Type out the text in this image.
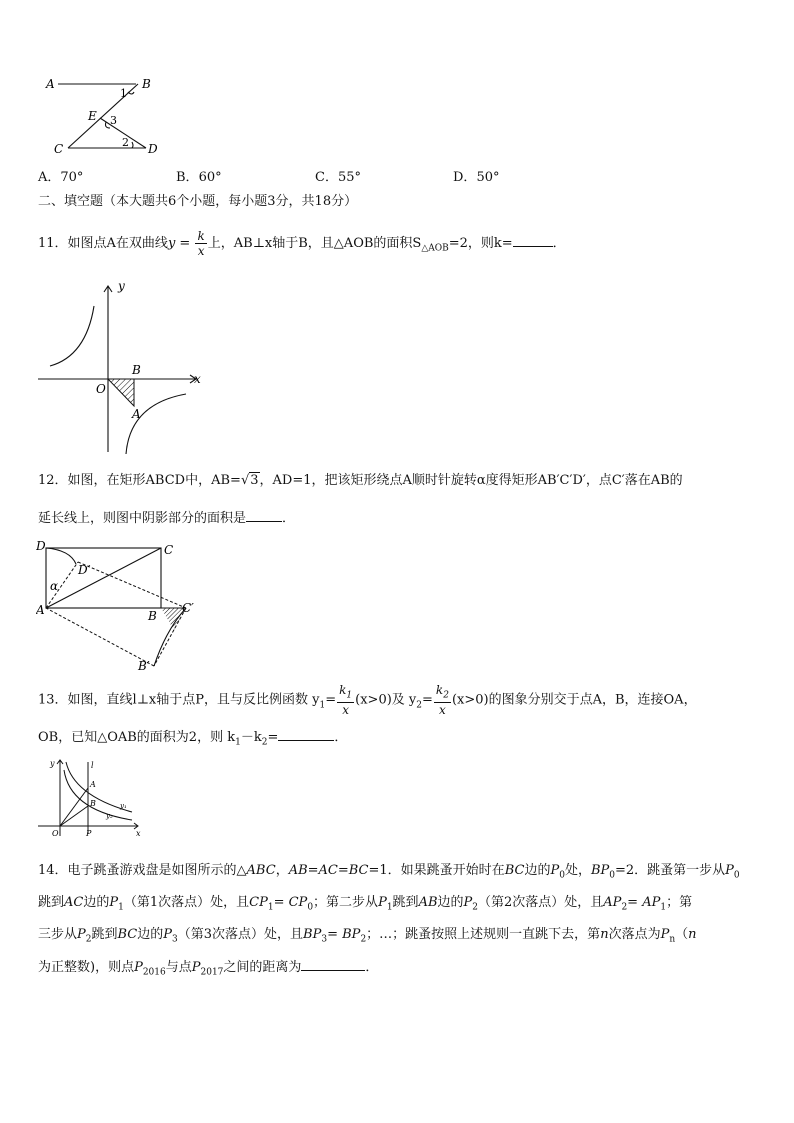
A	B
1
E 3
C	2 D
A．70°	B．60°	C．55°	D．50°
二、填空题（本大题共6个小题，每小题3分，共18分）
11．如图点A在双曲线$y = \frac{k}{x}$ 上，AB⊥x轴于B，且△AOB的面积$S_{\triangle AOB}=2$，则k=	．
y
x
O
B
A
12．如图，在矩形ABCD中，AB=√3，AD=1，把该矩形绕点A顺时针旋转α度得矩形AB′C′D′，点C′落在AB的
延长线上，则图中阴影部分的面积是	．
D	C
D′
α
A	B
C′
B′
13．如图，直线l⊥x轴于点P，且与反比例函数 $y_1= \frac{k_1}{x} (x>0)$及 $y_2= \frac{k_2}{x} (x>0)$的图象分别交于点A，B，连接OA，
OB，已知△OAB的面积为2，则 $k_1-k_2=$	．
y	l
A
B	y₁
y₂
O	P	x
14．电子跳蚤游戏盘是如图所示的△ABC，AB=AC=BC=1．如果跳蚤开始时在BC边的$P_0$处，$BP_0=2$．跳蚤第一步从$P_0$
跳到AC边的$P_1$（第1次落点）处，且$CP_1= CP_0$；第二步从$P_1$跳到AB边的$P_2$（第2次落点）处，且$AP_2= AP_1$；第
三步从$P_2$跳到BC边的$P_3$（第3次落点）处，且$BP_3= BP_2$；…；跳蚤按照上述规则一直跳下去，第n次落点为$P_n(n$
为正整数)，则点$P_{2016}$与点$P_{2017}$之间的距离为	．
